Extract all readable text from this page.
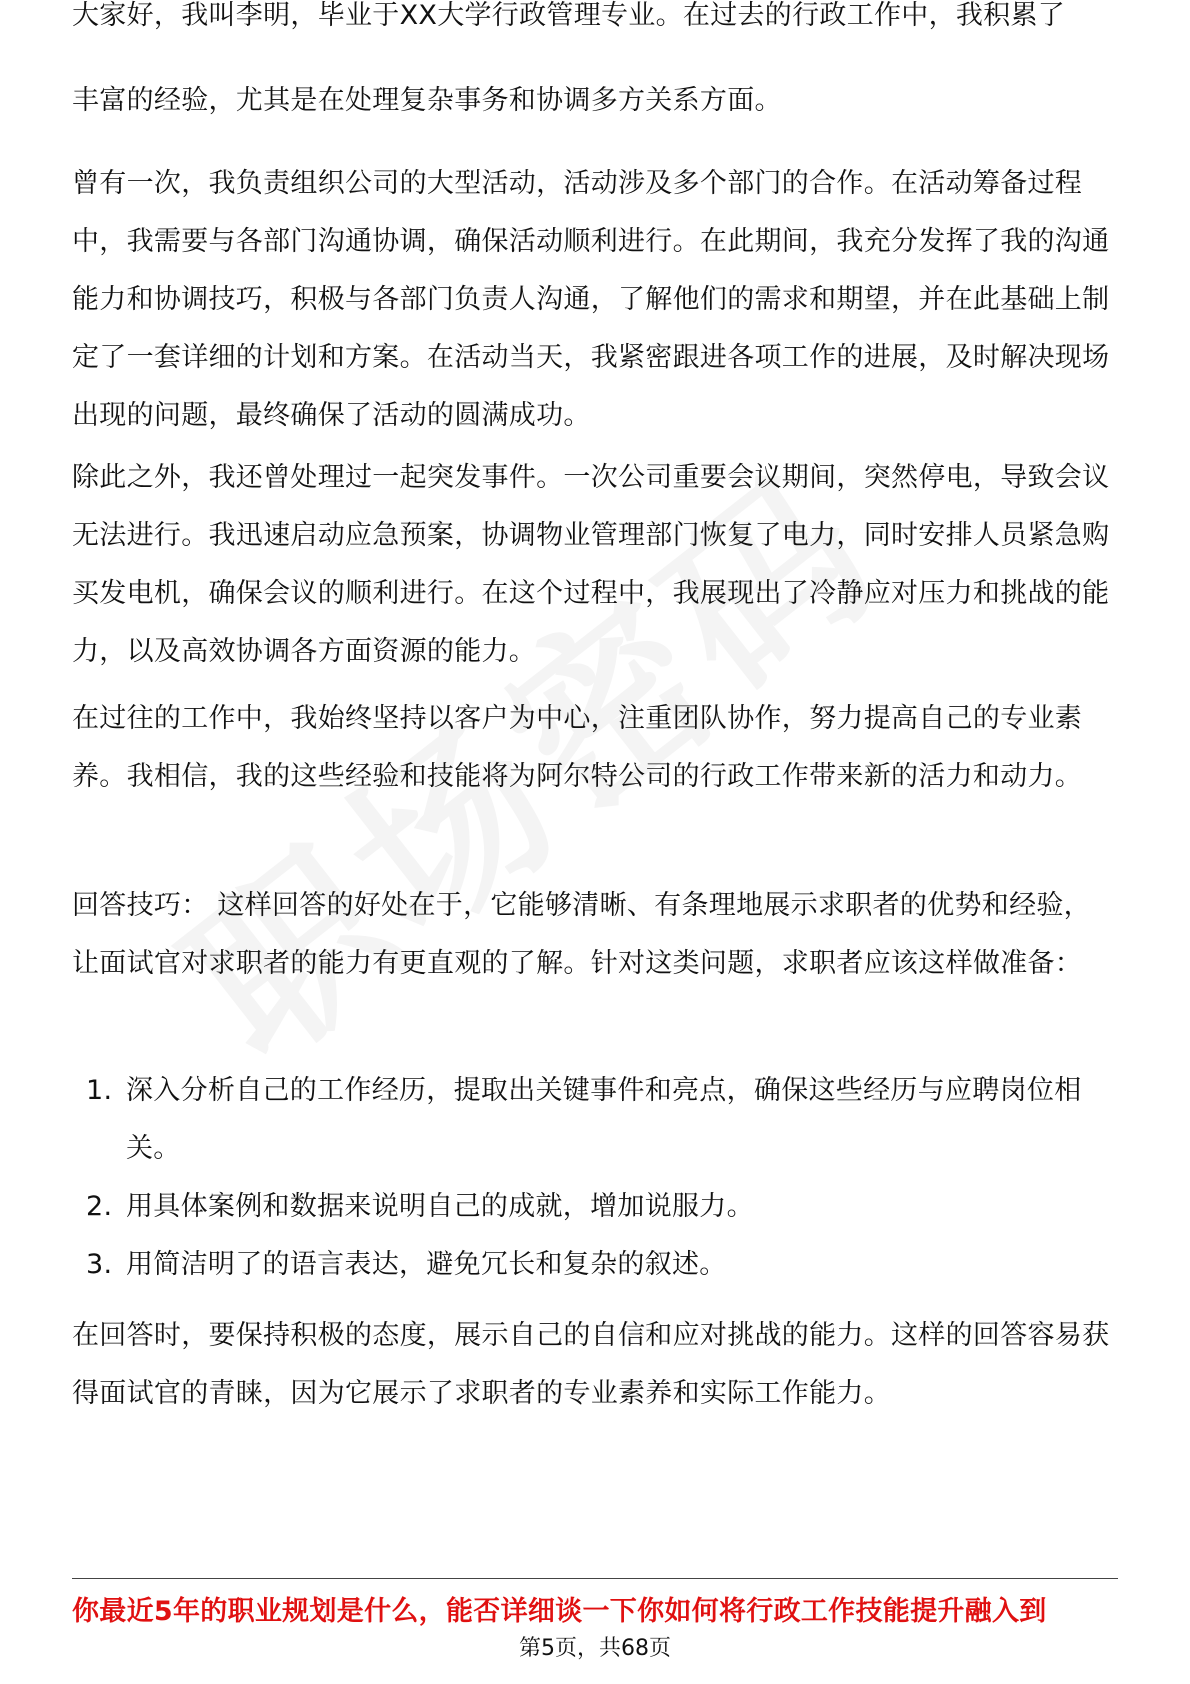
大家好，我叫李明，毕业于XX大学行政管理专业。在过去的行政工作中，我积累了

丰富的经验，尤其是在处理复杂事务和协调多方关系方面。

曾有一次，我负责组织公司的大型活动，活动涉及多个部门的合作。在活动筹备过程中，我需要与各部门沟通协调，确保活动顺利进行。在此期间，我充分发挥了我的沟通能力和协调技巧，积极与各部门负责人沟通，了解他们的需求和期望，并在此基础上制定了一套详细的计划和方案。在活动当天，我紧密跟进各项工作的进展，及时解决现场出现的问题，最终确保了活动的圆满成功。

除此之外，我还曾处理过一起突发事件。一次公司重要会议期间，突然停电，导致会议无法进行。我迅速启动应急预案，协调物业管理部门恢复了电力，同时安排人员紧急购买发电机，确保会议的顺利进行。在这个过程中，我展现出了冷静应对压力和挑战的能力，以及高效协调各方面资源的能力。

在过往的工作中，我始终坚持以客户为中心，注重团队协作，努力提高自己的专业素养。我相信，我的这些经验和技能将为阿尔特公司的行政工作带来新的活力和动力。

回答技巧： 这样回答的好处在于，它能够清晰、有条理地展示求职者的优势和经验，让面试官对求职者的能力有更直观的了解。针对这类问题，求职者应该这样做准备：

1. 深入分析自己的工作经历，提取出关键事件和亮点，确保这些经历与应聘岗位相关。
2. 用具体案例和数据来说明自己的成就，增加说服力。
3. 用简洁明了的语言表达，避免冗长和复杂的叙述。

在回答时，要保持积极的态度，展示自己的自信和应对挑战的能力。这样的回答容易获得面试官的青睐，因为它展示了求职者的专业素养和实际工作能力。

你最近5年的职业规划是什么，能否详细谈一下你如何将行政工作技能提升融入到
第5页，共68页
